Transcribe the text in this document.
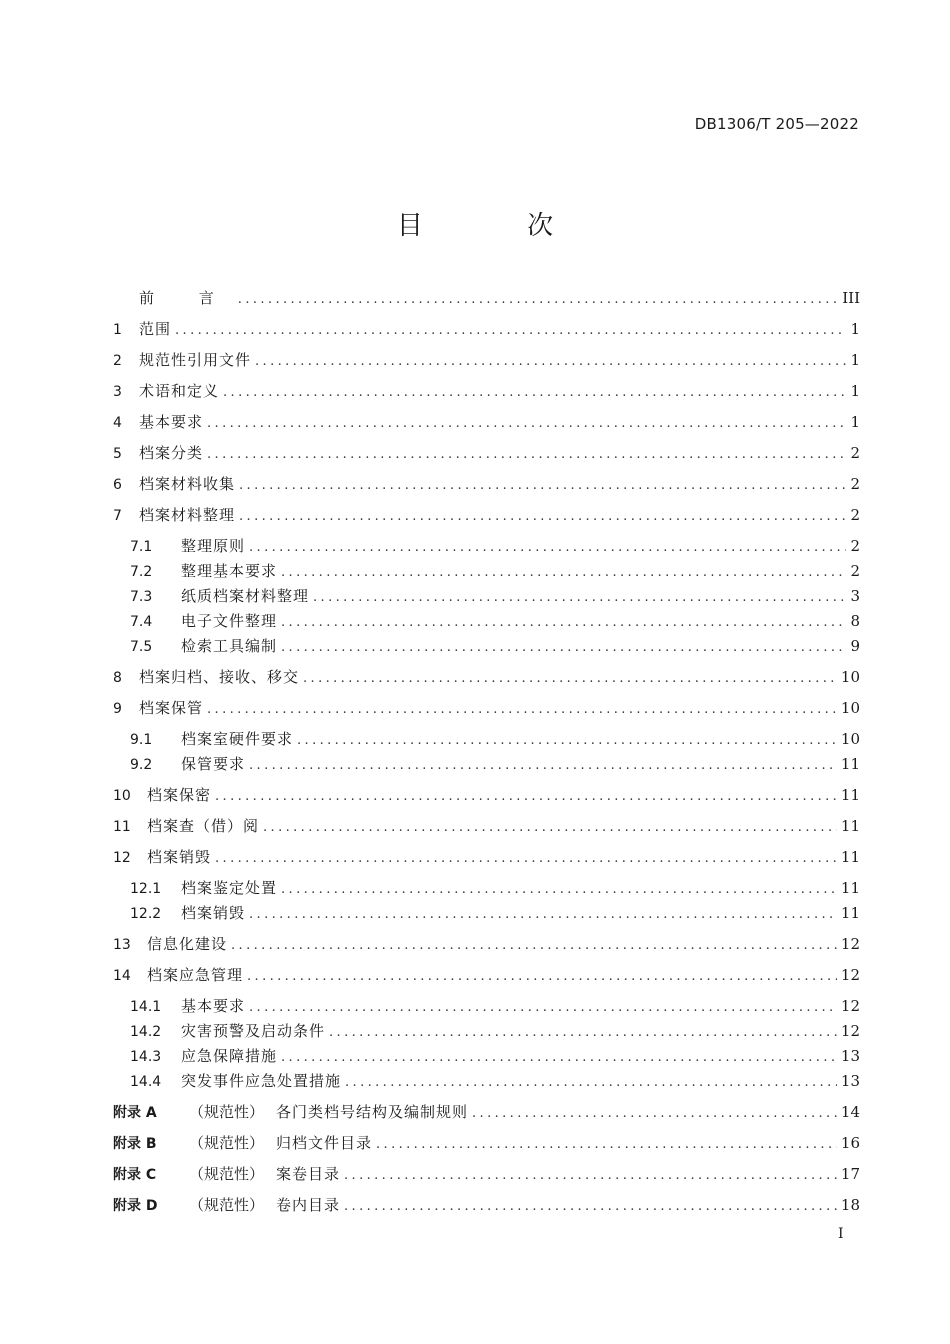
DB1306/T 205—2022
目 次
前 言 .....	III
1	范围 .....	1
2	规范性引用文件 .....	1
3	术语和定义 .....	1
4	基本要求 .....	1
5	档案分类 .....	2
6	档案材料收集 .....	2
7	档案材料整理 .....	2
7.1	整理原则 .....	2
7.2	整理基本要求 .....	2
7.3	纸质档案材料整理 .....	3
7.4	电子文件整理 .....	8
7.5	检索工具编制 .....	9
8	档案归档、接收、移交 .....	10
9	档案保管 .....	10
9.1	档案室硬件要求 .....	10
9.2	保管要求 .....	11
10	档案保密 .....	11
11	档案查（借）阅 .....	11
12	档案销毁 .....	11
12.1	档案鉴定处置 .....	11
12.2	档案销毁 .....	11
13	信息化建设 .....	12
14	档案应急管理 .....	12
14.1	基本要求 .....	12
14.2	灾害预警及启动条件 .....	12
14.3	应急保障措施 .....	13
14.4	突发事件应急处置措施 .....	13
附录 A	（规范性） 各门类档号结构及编制规则 .....	14
附录 B	（规范性） 归档文件目录 .....	16
附录 C	（规范性） 案卷目录 .....	17
附录 D	（规范性） 卷内目录 .....	18
I
